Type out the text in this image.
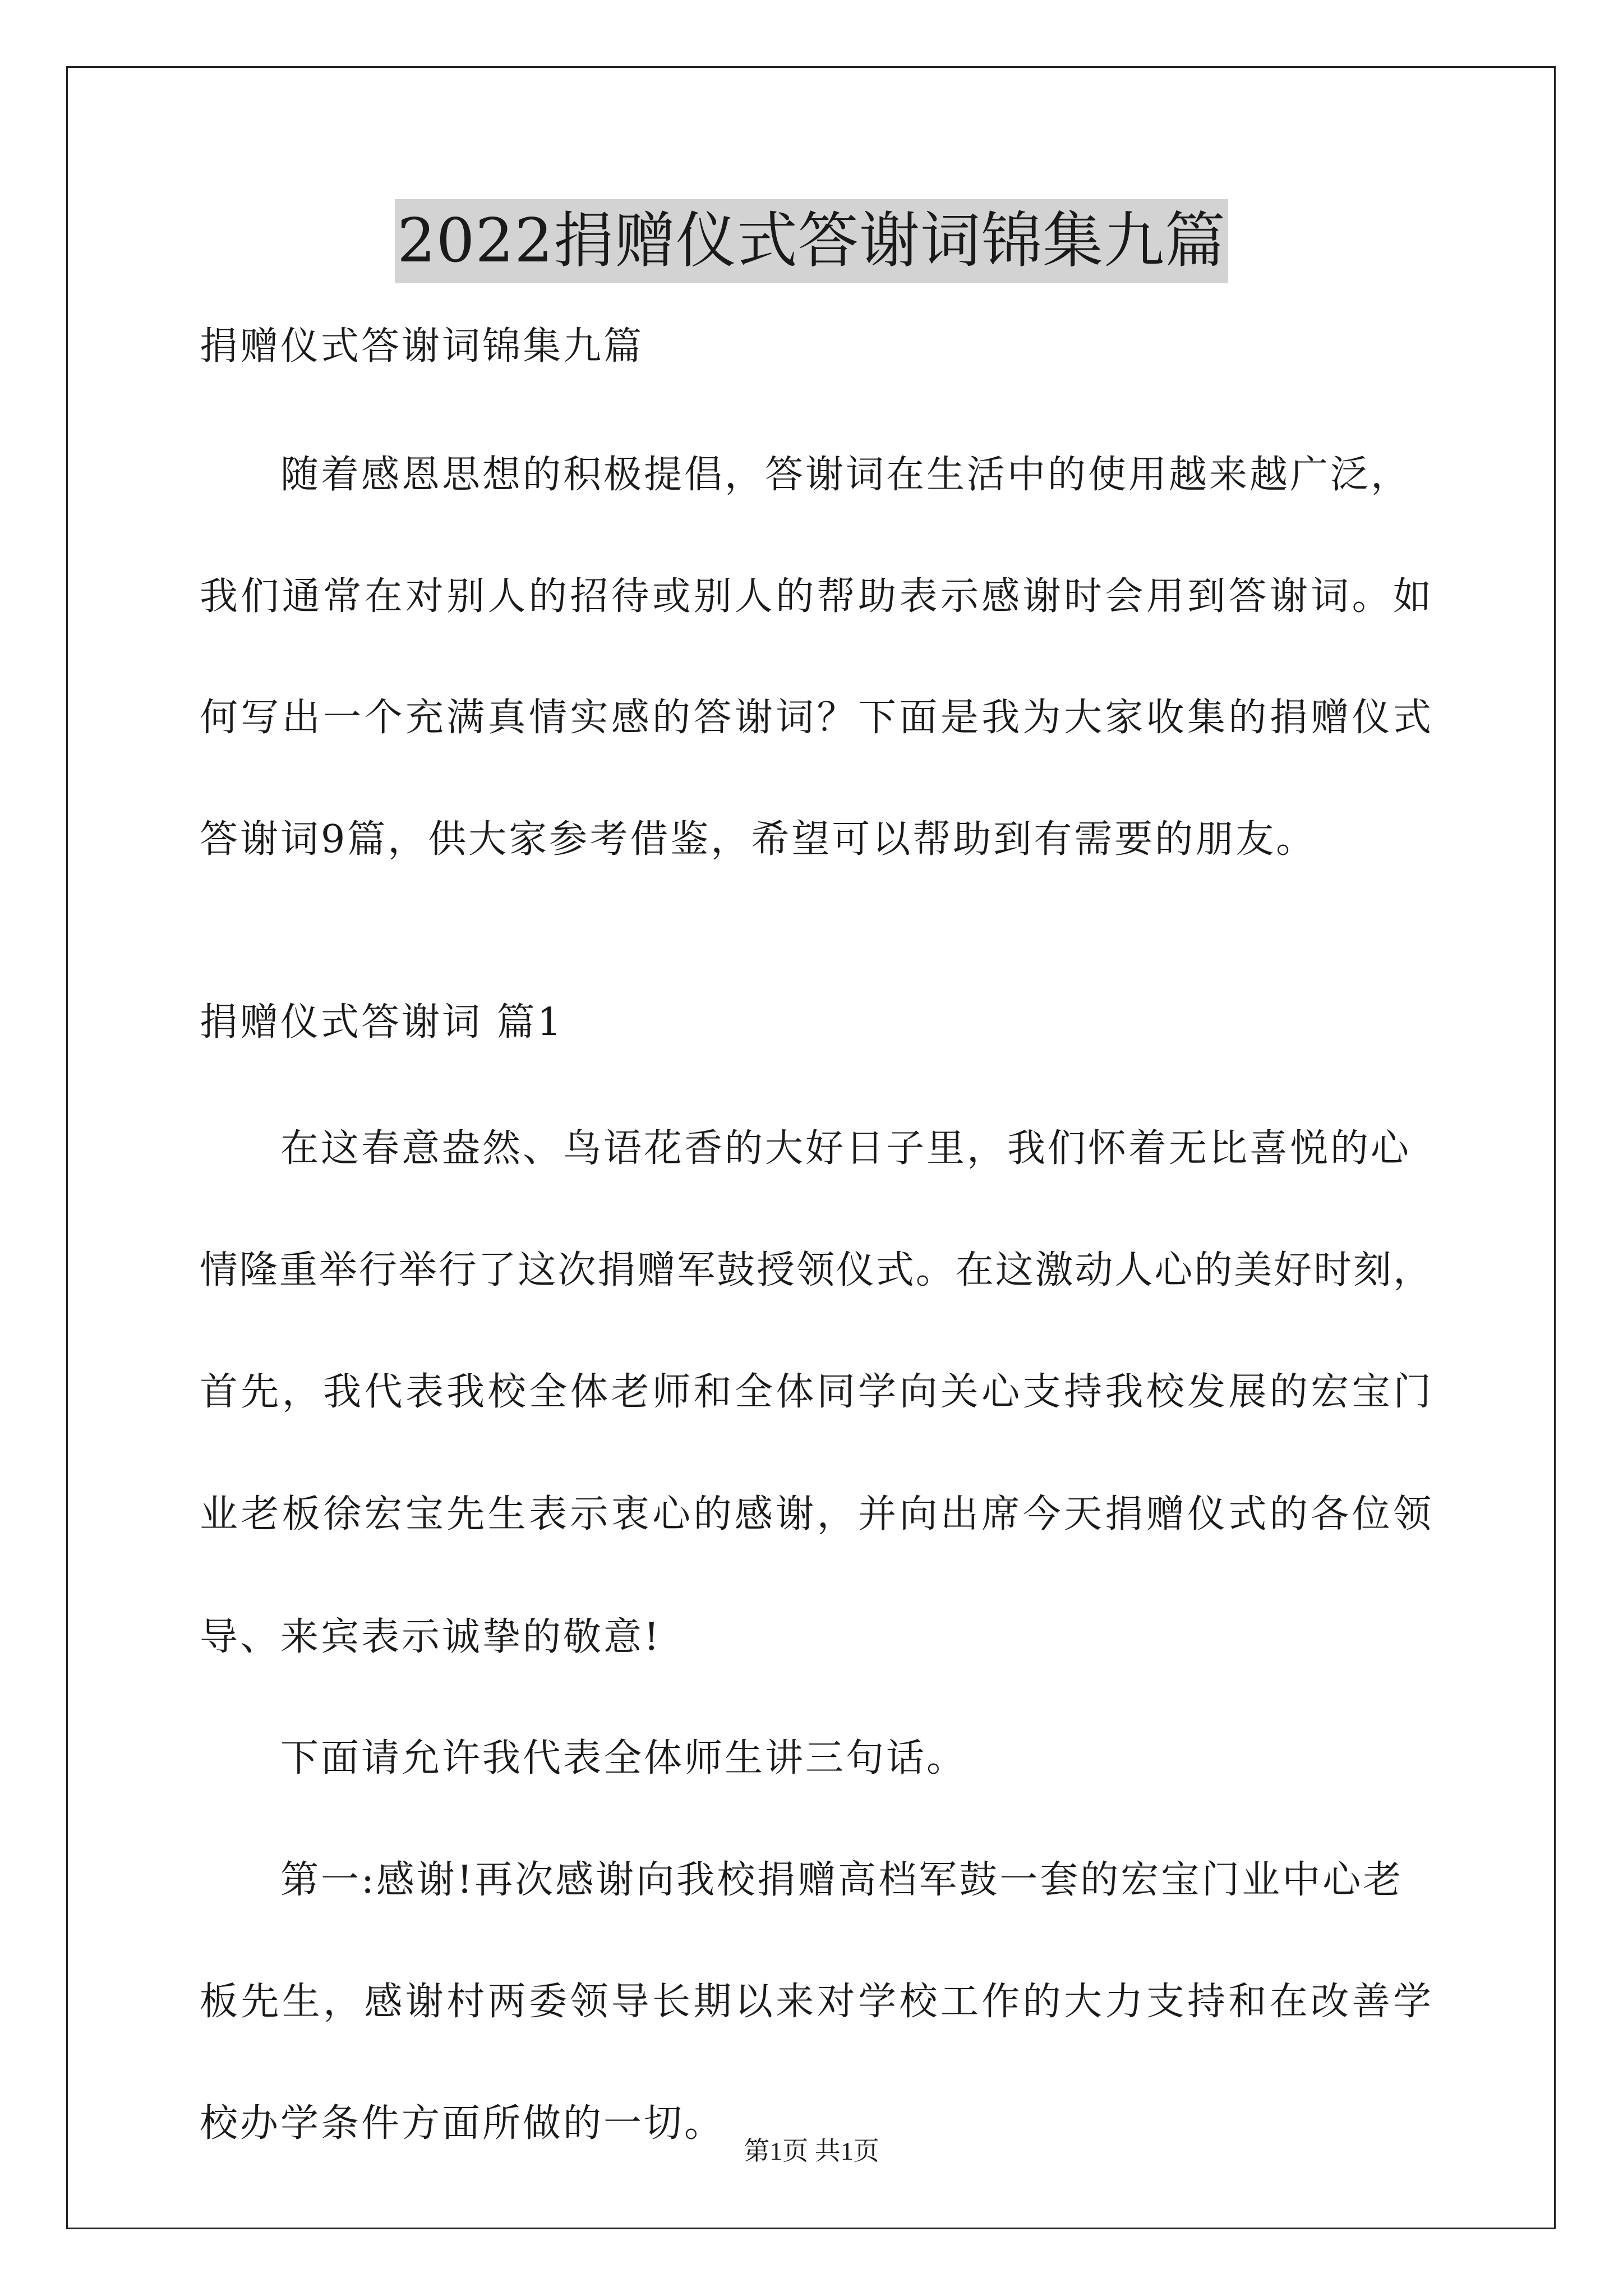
2022捐赠仪式答谢词锦集九篇
捐赠仪式答谢词锦集九篇
随着感恩思想的积极提倡，答谢词在生活中的使用越来越广泛，
我们通常在对别人的招待或别人的帮助表示感谢时会用到答谢词。如
何写出一个充满真情实感的答谢词？下面是我为大家收集的捐赠仪式
答谢词9篇，供大家参考借鉴，希望可以帮助到有需要的朋友。
捐赠仪式答谢词 篇1
在这春意盎然、鸟语花香的大好日子里，我们怀着无比喜悦的心
情隆重举行举行了这次捐赠军鼓授领仪式。在这激动人心的美好时刻，
首先，我代表我校全体老师和全体同学向关心支持我校发展的宏宝门
业老板徐宏宝先生表示衷心的感谢，并向出席今天捐赠仪式的各位领
导、来宾表示诚挚的敬意!
下面请允许我代表全体师生讲三句话。
第一:感谢!再次感谢向我校捐赠高档军鼓一套的宏宝门业中心老
板先生，感谢村两委领导长期以来对学校工作的大力支持和在改善学
校办学条件方面所做的一切。
第1页 共1页
